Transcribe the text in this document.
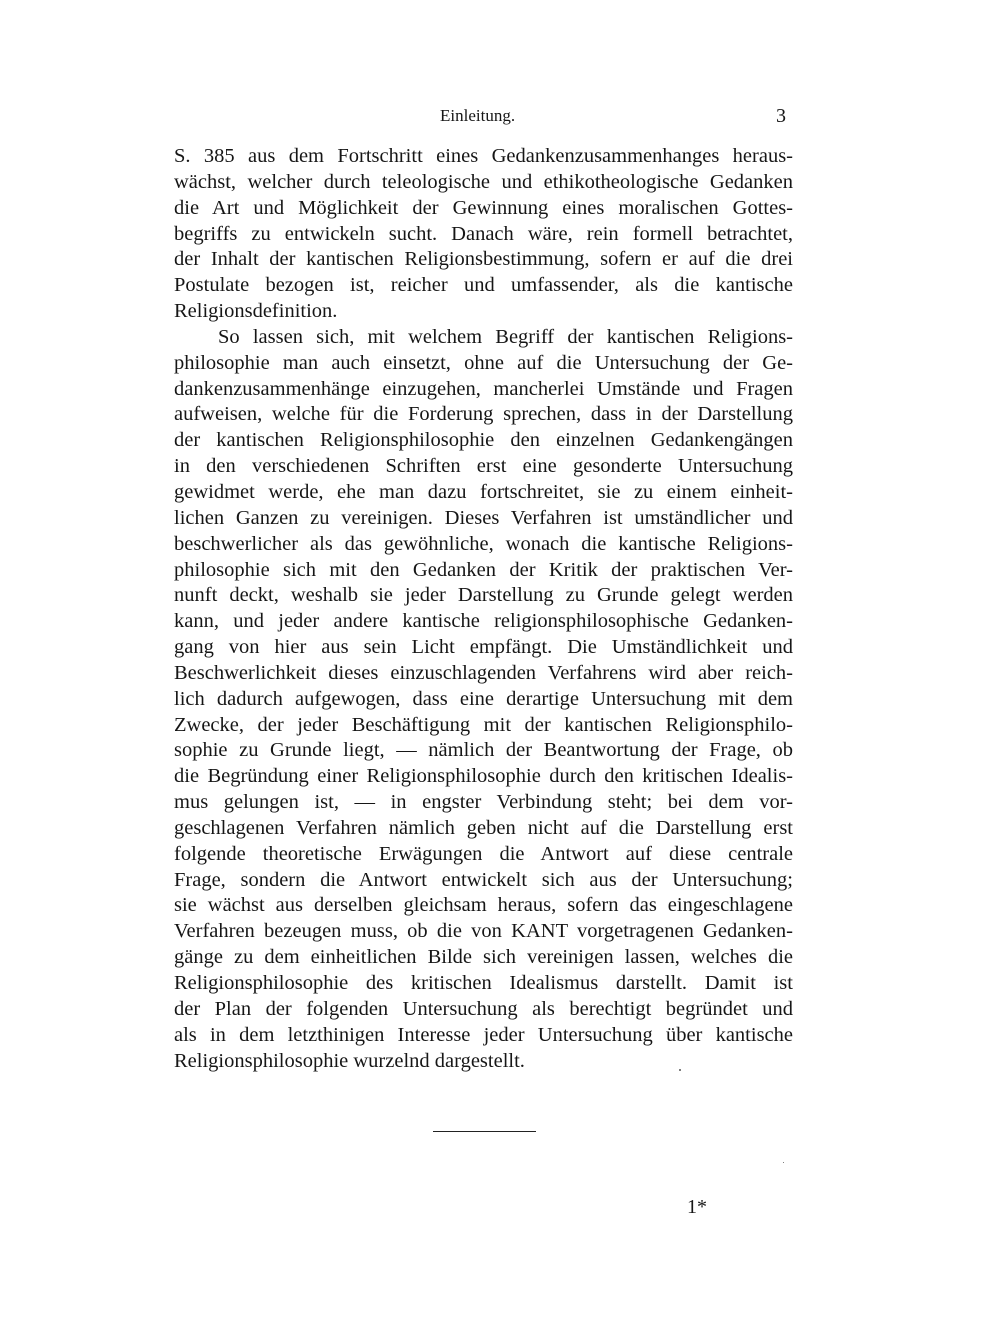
Einleitung.	3
S. 385 aus dem Fortschritt eines Gedankenzusammenhanges heraus-
wächst, welcher durch teleologische und ethikotheologische Gedanken
die Art und Möglichkeit der Gewinnung eines moralischen Gottes-
begriffs zu entwickeln sucht. Danach wäre, rein formell betrachtet,
der Inhalt der kantischen Religionsbestimmung, sofern er auf die drei
Postulate bezogen ist, reicher und umfassender, als die kantische
Religionsdefinition.
So lassen sich, mit welchem Begriff der kantischen Religions-
philosophie man auch einsetzt, ohne auf die Untersuchung der Ge-
dankenzusammenhänge einzugehen, mancherlei Umstände und Fragen
aufweisen, welche für die Forderung sprechen, dass in der Darstellung
der kantischen Religionsphilosophie den einzelnen Gedankengängen
in den verschiedenen Schriften erst eine gesonderte Untersuchung
gewidmet werde, ehe man dazu fortschreitet, sie zu einem einheit-
lichen Ganzen zu vereinigen. Dieses Verfahren ist umständlicher und
beschwerlicher als das gewöhnliche, wonach die kantische Religions-
philosophie sich mit den Gedanken der Kritik der praktischen Ver-
nunft deckt, weshalb sie jeder Darstellung zu Grunde gelegt werden
kann, und jeder andere kantische religionsphilosophische Gedanken-
gang von hier aus sein Licht empfängt. Die Umständlichkeit und
Beschwerlichkeit dieses einzuschlagenden Verfahrens wird aber reich-
lich dadurch aufgewogen, dass eine derartige Untersuchung mit dem
Zwecke, der jeder Beschäftigung mit der kantischen Religionsphilo-
sophie zu Grunde liegt, — nämlich der Beantwortung der Frage, ob
die Begründung einer Religionsphilosophie durch den kritischen Idealis-
mus gelungen ist, — in engster Verbindung steht; bei dem vor-
geschlagenen Verfahren nämlich geben nicht auf die Darstellung erst
folgende theoretische Erwägungen die Antwort auf diese centrale
Frage, sondern die Antwort entwickelt sich aus der Untersuchung;
sie wächst aus derselben gleichsam heraus, sofern das eingeschlagene
Verfahren bezeugen muss, ob die von KANT vorgetragenen Gedanken-
gänge zu dem einheitlichen Bilde sich vereinigen lassen, welches die
Religionsphilosophie des kritischen Idealismus darstellt. Damit ist
der Plan der folgenden Untersuchung als berechtigt begründet und
als in dem letzthinigen Interesse jeder Untersuchung über kantische
Religionsphilosophie wurzelnd dargestellt.
1*
